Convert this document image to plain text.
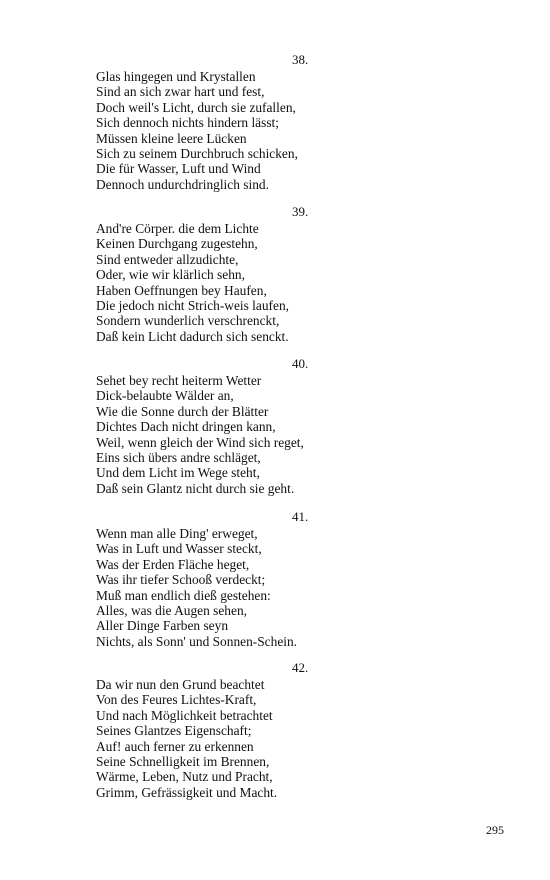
38.
Glas hingegen und Krystallen
Sind an sich zwar hart und fest,
Doch weil's Licht, durch sie zufallen,
Sich dennoch nichts hindern lässt;
Müssen kleine leere Lücken
Sich zu seinem Durchbruch schicken,
Die für Wasser, Luft und Wind
Dennoch undurchdringlich sind.
39.
And're Cörper. die dem Lichte
Keinen Durchgang zugestehn,
Sind entweder allzudichte,
Oder, wie wir klärlich sehn,
Haben Oeffnungen bey Haufen,
Die jedoch nicht Strich-weis laufen,
Sondern wunderlich verschrenckt,
Daß kein Licht dadurch sich senckt.
40.
Sehet bey recht heiterm Wetter
Dick-belaubte Wälder an,
Wie die Sonne durch der Blätter
Dichtes Dach nicht dringen kann,
Weil, wenn gleich der Wind sich reget,
Eins sich übers andre schläget,
Und dem Licht im Wege steht,
Daß sein Glantz nicht durch sie geht.
41.
Wenn man alle Ding' erweget,
Was in Luft und Wasser steckt,
Was der Erden Fläche heget,
Was ihr tiefer Schooß verdeckt;
Muß man endlich dieß gestehen:
Alles, was die Augen sehen,
Aller Dinge Farben seyn
Nichts, als Sonn' und Sonnen-Schein.
42.
Da wir nun den Grund beachtet
Von des Feures Lichtes-Kraft,
Und nach Möglichkeit betrachtet
Seines Glantzes Eigenschaft;
Auf! auch ferner zu erkennen
Seine Schnelligkeit im Brennen,
Wärme, Leben, Nutz und Pracht,
Grimm, Gefrässigkeit und Macht.
295
